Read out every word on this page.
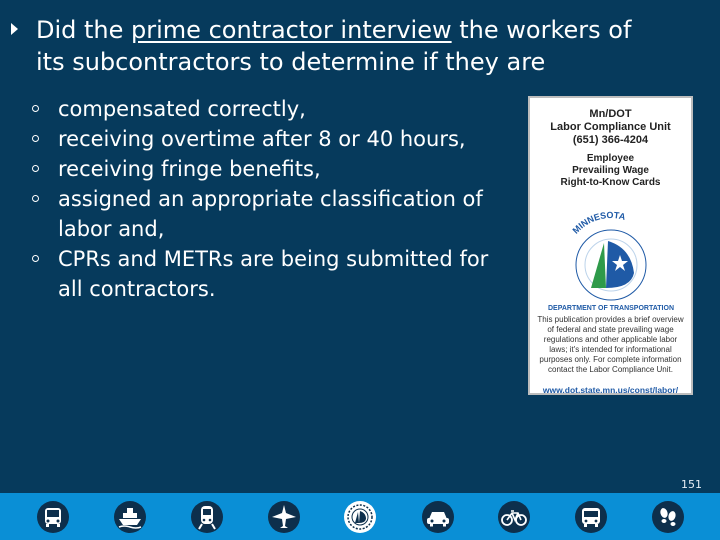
Did the prime contractor interview the workers of
its subcontractors to determine if they are
compensated correctly,
receiving overtime after 8 or 40 hours,
receiving fringe benefits,
assigned an appropriate classification of labor and,
CPRs and METRs are being submitted for all contractors.
Mn/DOT
Labor Compliance Unit
(651) 366-4204
Employee
Prevailing Wage
Right-to-Know Cards
MINNESOTA
DEPARTMENT OF TRANSPORTATION
This publication provides a brief overview of federal and state prevailing wage regulations and other applicable labor laws; it's intended for informational purposes only. For complete information contact the Labor Compliance Unit.
www.dot.state.mn.us/const/labor/
151
